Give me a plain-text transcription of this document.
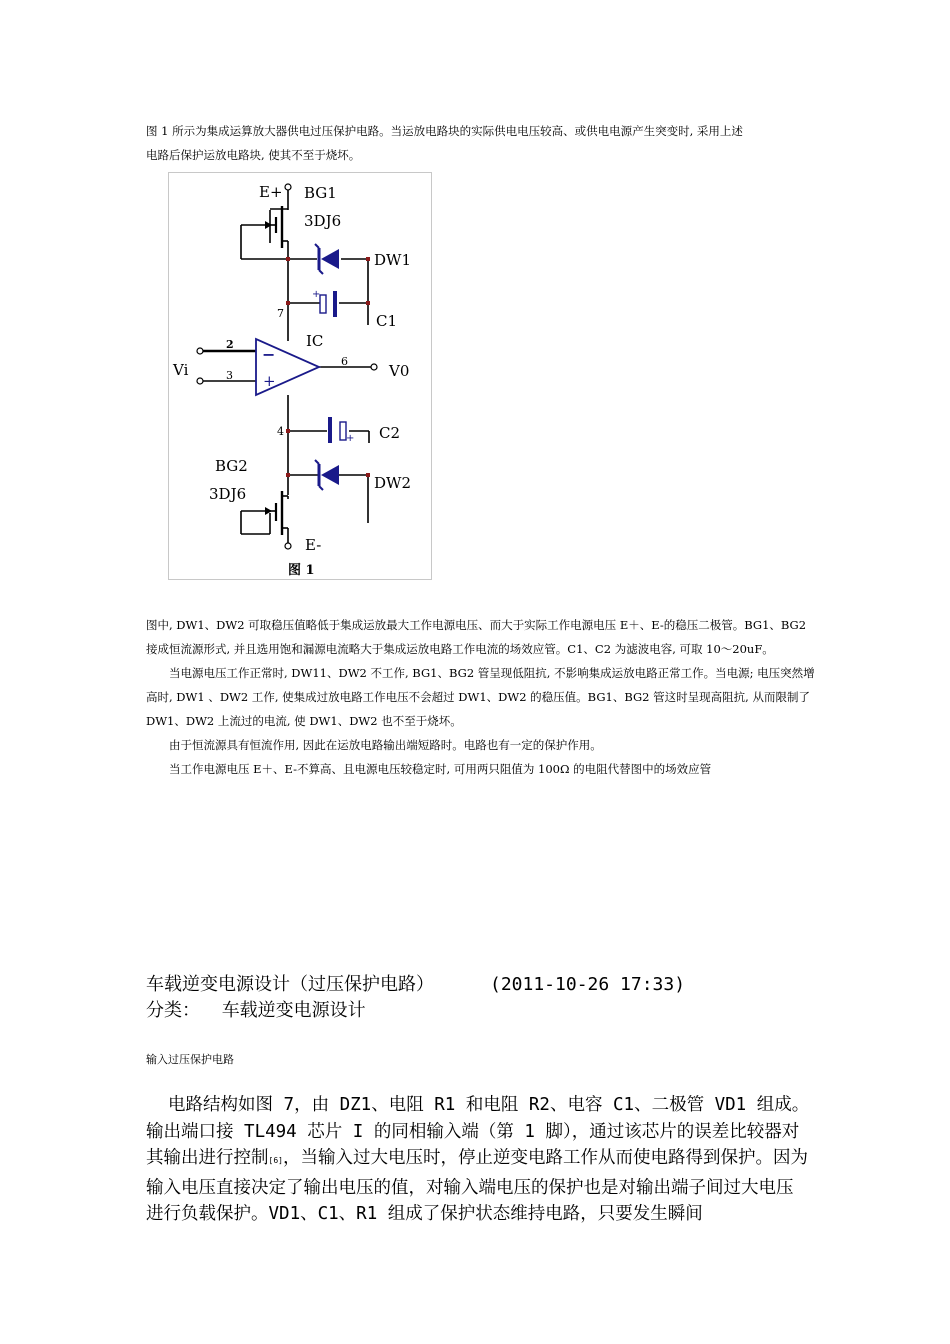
图 1 所示为集成运算放大器供电过压保护电路。当运放电路块的实际供电电压较高、或供电电源产生突变时, 采用上述
电路后保护运放电路块, 使其不至于烧坏。

+
+
E+ BG1
3DJ6
DW1
C1
7
IC
2
3
−
+
Vi	6
V0
4	C2
BG2
3DJ6
DW2
E-
图 1

图中, DW1、DW2 可取稳压值略低于集成运放最大工作电源电压、而大于实际工作电源电压 E＋、E-的稳压二极管。BG1、BG2 接成恒流源形式, 并且选用饱和漏源电流略大于集成运放电路工作电流的场效应管。C1、C2 为滤波电容, 可取 10～20uF。

当电源电压工作正常时, DW11、DW2 不工作, BG1、BG2 管呈现低阻抗, 不影响集成运放电路正常工作。当电源; 电压突然增高时, DW1 、DW2 工作, 使集成过放电路工作电压不会超过 DW1、DW2 的稳压值。BG1、BG2 管这时呈现高阻抗, 从而限制了 DW1、DW2 上流过的电流, 使 DW1、DW2 也不至于烧坏。

由于恒流源具有恒流作用, 因此在运放电路输出端短路时。电路也有一定的保护作用。

当工作电源电压 E＋、E-不算高、且电源电压较稳定时, 可用两只阻值为 100Ω 的电阻代替图中的场效应管

车载逆变电源设计（过压保护电路）	(2011-10-26 17:33)
分类： 车载逆变电源设计
输入过压保护电路

电路结构如图 7，由 DZ1、电阻 R1 和电阻 R2、电容 C1、二极管 VD1 组成。输出端口接 TL494 芯片 I 的同相输入端（第 1 脚），通过该芯片的误差比较器对其输出进行控制[6]，当输入过大电压时，停止逆变电路工作从而使电路得到保护。因为输入电压直接决定了输出电压的值，对输入端电压的保护也是对输出端子间过大电压进行负载保护。VD1、C1、R1 组成了保护状态维持电路，只要发生瞬间
